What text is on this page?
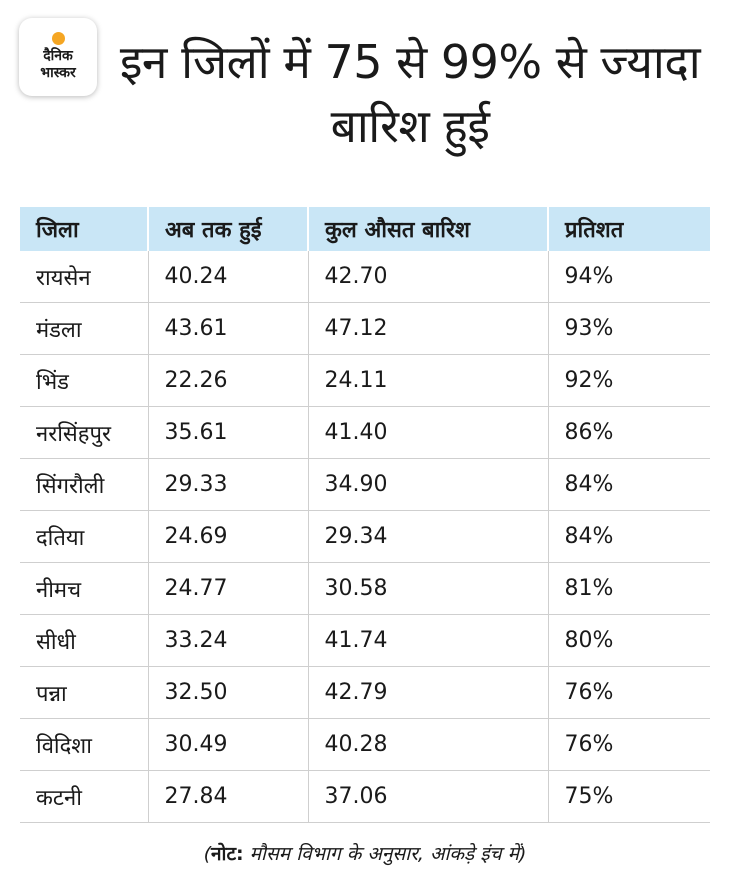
दैनिक
भास्कर इन जिलों में 75 से 99% से ज्यादा बारिश हुई
जिला	अब तक हुई	कुल औसत बारिश	प्रतिशत
रायसेन	40.24	42.70	94%
मंडला	43.61	47.12	93%
भिंड	22.26	24.11	92%
नरसिंहपुर	35.61	41.40	86%
सिंगरौली	29.33	34.90	84%
दतिया	24.69	29.34	84%
नीमच	24.77	30.58	81%
सीधी	33.24	41.74	80%
पन्ना	32.50	42.79	76%
विदिशा	30.49	40.28	76%
कटनी	27.84	37.06	75%
(नोट: मौसम विभाग के अनुसार, आंकड़े इंच में)
